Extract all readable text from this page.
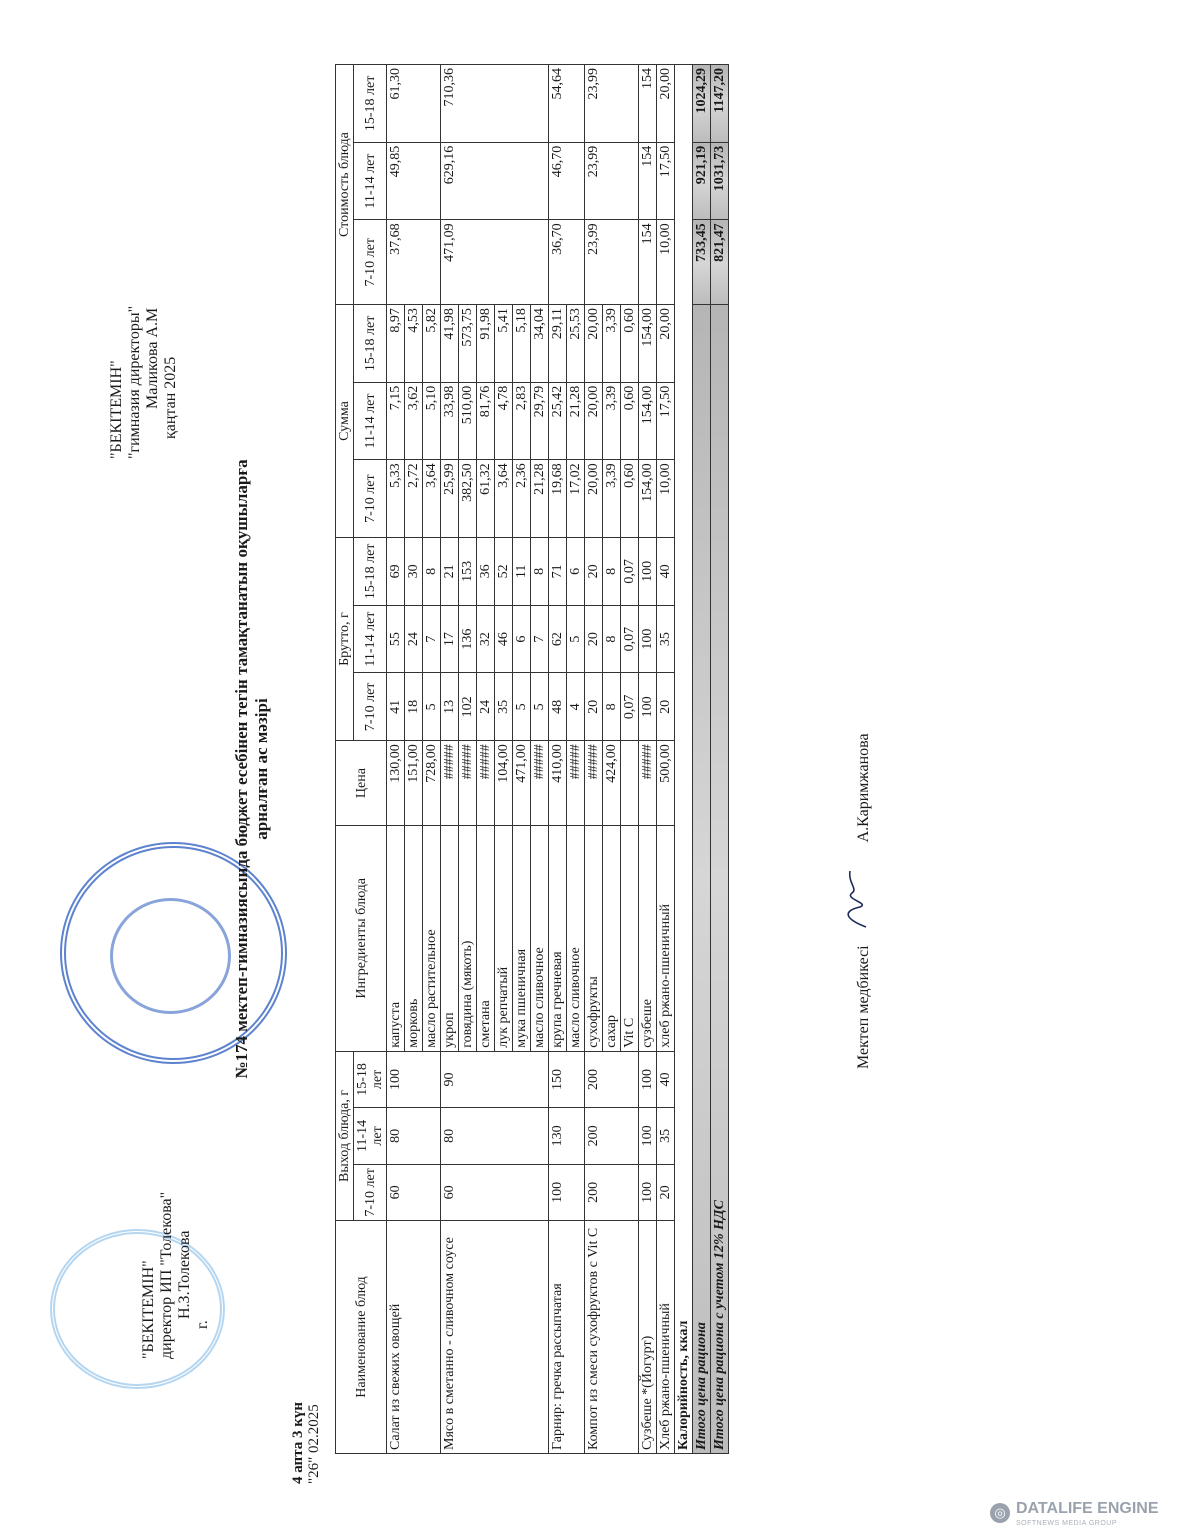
"БЕКІТЕМІН" директор ИП "Толекова" Н.З.Толекова
г.
"БЕКІТЕМІН" "гимназия директоры" Маликова А.М қаңтан 2025
№174 мектеп-гимназиясында бюджет есебінен тегін тамақтанатын оқушыларға арналған ас мәзірі
4 апта 3 күн "26" 02.2025
Наименование блюд	Выход блюда, г			Ингредиенты блюда	Цена	Брутто, г			Сумма			Стоимость блюда		
	7-10 лет	11-14 лет	15-18 лет			7-10 лет	11-14 лет	15-18 лет	7-10 лет	11-14 лет	15-18 лет	7-10 лет	11-14 лет	15-18 лет
Салат из свежих овощей	60	80	100	капуста	130,00	41	55	69	5,33	7,15	8,97	37,68	49,85	61,30
				морковь	151,00	18	24	30	2,72	3,62	4,53			
				масло растительное	728,00	5	7	8	3,64	5,10	5,82			
Мясо в сметанно - сливочном соусе	60	80	90	укроп	#####	13	17	21	25,99	33,98	41,98	471,09	629,16	710,36
				говядина (мякоть)	#####	102	136	153	382,50	510,00	573,75			
				сметана	#####	24	32	36	61,32	81,76	91,98			
				лук репчатый	104,00	35	46	52	3,64	4,78	5,41			
				мука пшеничная	471,00	5	6	11	2,36	2,83	5,18			
				масло сливочное	#####	5	7	8	21,28	29,79	34,04			
Гарнир: гречка рассыпчатая	100	130	150	крупа гречневая	410,00	48	62	71	19,68	25,42	29,11	36,70	46,70	54,64
				масло сливочное	#####	4	5	6	17,02	21,28	25,53			
Компот из смеси сухофруктов с Vit C	200	200	200	сухофрукты	#####	20	20	20	20,00	20,00	20,00	23,99	23,99	23,99
				сахар	424,00	8	8	8	3,39	3,39	3,39			
				Vit C		0,07	0,07	0,07	0,60	0,60	0,60			
Сузбеше *(Йогурт)	100	100	100	сузбеше	#####	100	100	100	154,00	154,00	154,00	154	154	154
Хлеб ржано-пшеничный	20	35	40	хлеб ржано-пшеничный	500,00	20	35	40	10,00	17,50	20,00	10,00	17,50	20,00
Калорийность, ккал														
Итого цена рациона												733,45	921,19	1024,29
Итого цена рациона с учетом 12% НДС												821,47	1031,73	1147,20
Мектеп медбикесі  А.Каримжанова
◎ DATALIFE ENGINE
SOFTNEWS MEDIA GROUP
